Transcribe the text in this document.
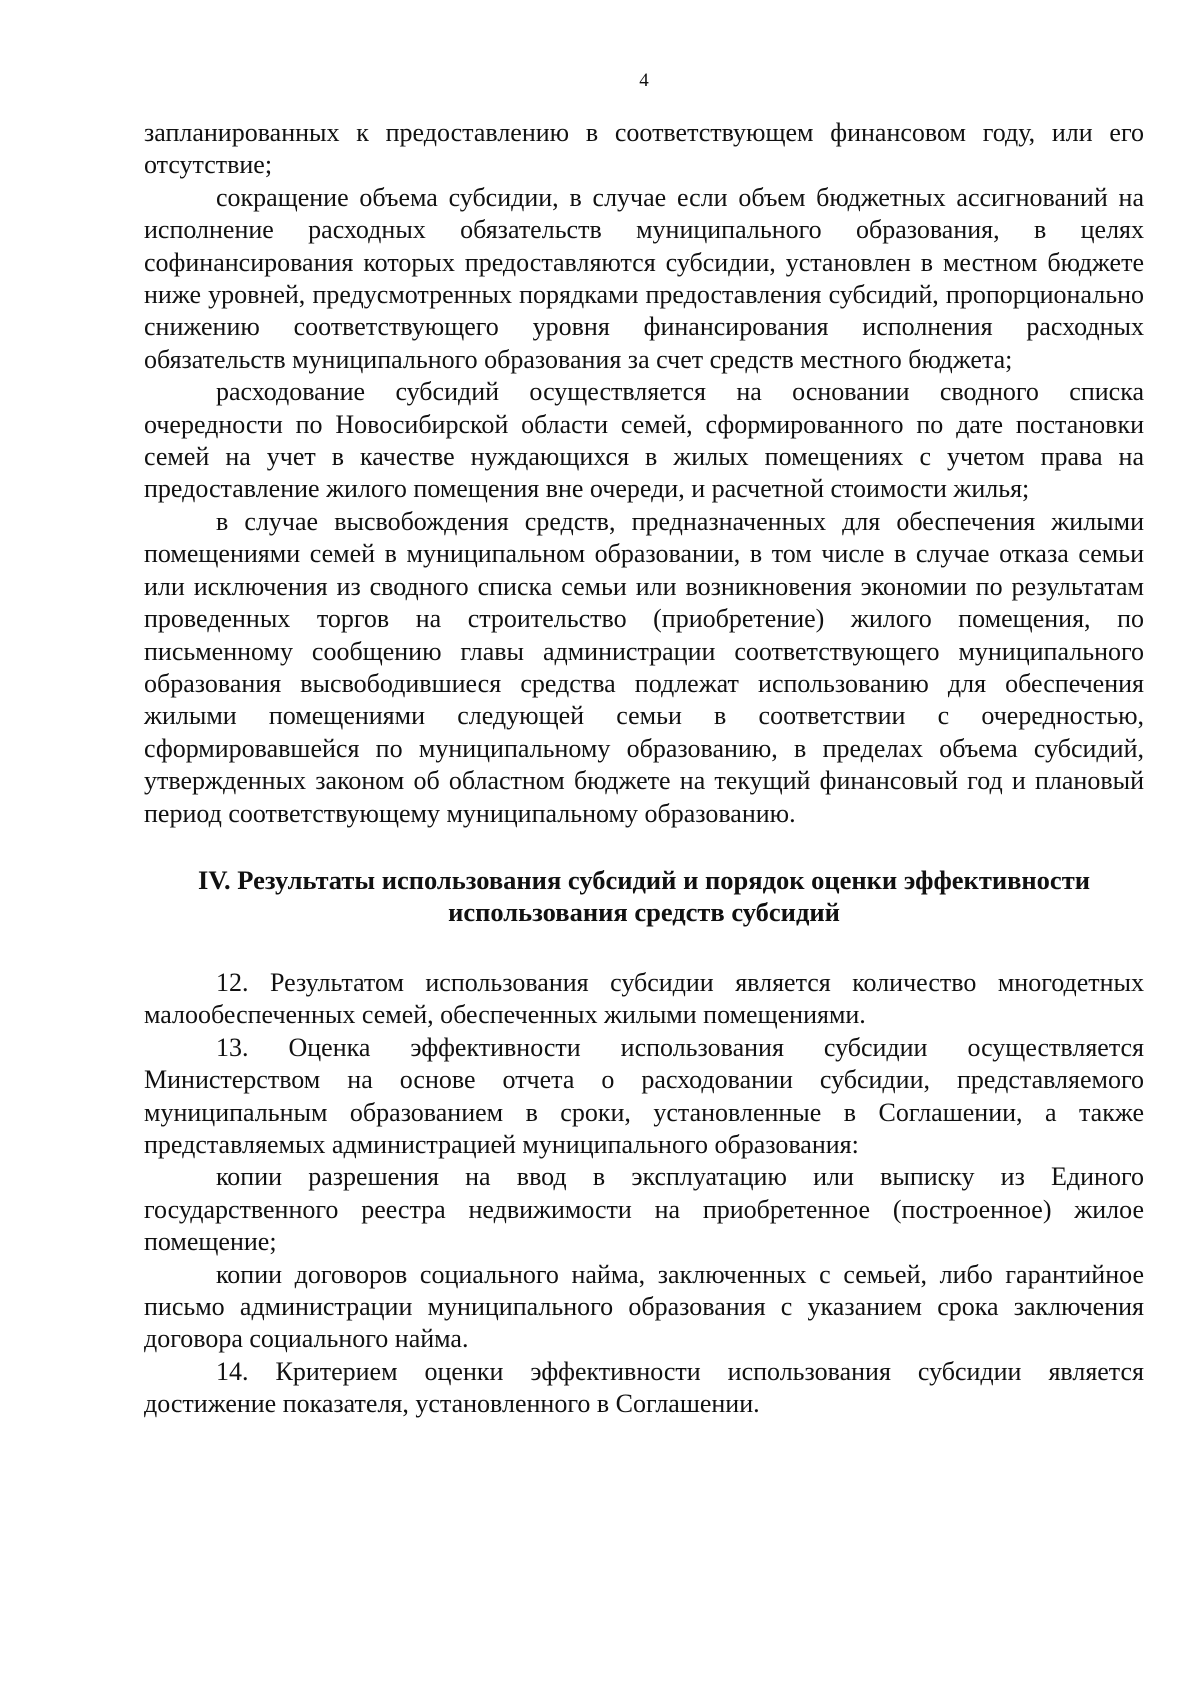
4

запланированных к предоставлению в соответствующем финансовом году, или его отсутствие;

сокращение объема субсидии, в случае если объем бюджетных ассигнований на исполнение расходных обязательств муниципального образования, в целях софинансирования которых предоставляются субсидии, установлен в местном бюджете ниже уровней, предусмотренных порядками предоставления субсидий, пропорционально снижению соответствующего уровня финансирования исполнения расходных обязательств муниципального образования за счет средств местного бюджета;

расходование субсидий осуществляется на основании сводного списка очередности по Новосибирской области семей, сформированного по дате постановки семей на учет в качестве нуждающихся в жилых помещениях с учетом права на предоставление жилого помещения вне очереди, и расчетной стоимости жилья;

в случае высвобождения средств, предназначенных для обеспечения жилыми помещениями семей в муниципальном образовании, в том числе в случае отказа семьи или исключения из сводного списка семьи или возникновения экономии по результатам проведенных торгов на строительство (приобретение) жилого помещения, по письменному сообщению главы администрации соответствующего муниципального образования высвободившиеся средства подлежат использованию для обеспечения жилыми помещениями следующей семьи в соответствии с очередностью, сформировавшейся по муниципальному образованию, в пределах объема субсидий, утвержденных законом об областном бюджете на текущий финансовый год и плановый период соответствующему муниципальному образованию.

IV. Результаты использования субсидий и порядок оценки эффективности
использования средств субсидий

12. Результатом использования субсидии является количество многодетных малообеспеченных семей, обеспеченных жилыми помещениями.

13. Оценка эффективности использования субсидии осуществляется Министерством на основе отчета о расходовании субсидии, представляемого муниципальным образованием в сроки, установленные в Соглашении, а также представляемых администрацией муниципального образования:

копии разрешения на ввод в эксплуатацию или выписку из Единого государственного реестра недвижимости на приобретенное (построенное) жилое помещение;

копии договоров социального найма, заключенных с семьей, либо гарантийное письмо администрации муниципального образования с указанием срока заключения договора социального найма.

14. Критерием оценки эффективности использования субсидии является достижение показателя, установленного в Соглашении.
